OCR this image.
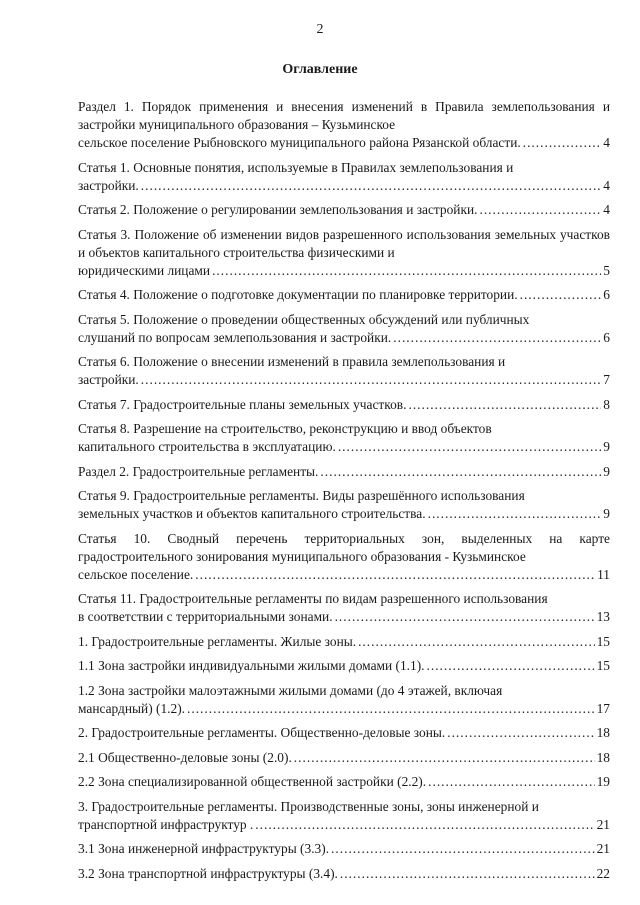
2
Оглавление
Раздел 1. Порядок применения и внесения изменений в Правила землепользования и застройки муниципального образования – Кузьминское
сельское поселение Рыбновского муниципального района Рязанской области. .....	4
Статья 1. Основные понятия, используемые в Правилах землепользования и
застройки. .....	4
Статья 2. Положение о регулировании землепользования и застройки. .....	4
Статья 3. Положение об изменении видов разрешенного использования земельных участков и объектов капитального строительства физическими и
юридическими лицами .....	5
Статья 4. Положение о подготовке документации по планировке территории. .....	6
Статья 5. Положение о проведении общественных обсуждений или публичных
слушаний по вопросам землепользования и застройки. .....	6
Статья 6. Положение о внесении изменений в правила землепользования и
застройки. .....	7
Статья 7. Градостроительные планы земельных участков. .....	8
Статья 8. Разрешение на строительство, реконструкцию и ввод объектов
капитального строительства в эксплуатацию. .....	9
Раздел 2. Градостроительные регламенты. .....	9
Статья 9. Градостроительные регламенты. Виды разрешённого использования
земельных участков и объектов капитального строительства. .....	9
Статья 10. Сводный перечень территориальных зон, выделенных на карте градостроительного зонирования муниципального образования - Кузьминское
сельское поселение. .....	11
Статья 11. Градостроительные регламенты по видам разрешенного использования
в соответствии с территориальными зонами. .....	13
1. Градостроительные регламенты. Жилые зоны. .....	15
1.1 Зона застройки индивидуальными жилыми домами (1.1). .....	15
1.2 Зона застройки малоэтажными жилыми домами (до 4 этажей, включая
мансардный) (1.2). .....	17
2. Градостроительные регламенты. Общественно-деловые зоны. .....	18
2.1 Общественно-деловые зоны (2.0). .....	18
2.2 Зона специализированной общественной застройки (2.2). .....	19
3. Градостроительные регламенты. Производственные зоны, зоны инженерной и
транспортной инфраструктур . .....	21
3.1 Зона инженерной инфраструктуры (3.3). .....	21
3.2 Зона транспортной инфраструктуры (3.4). .....	22
